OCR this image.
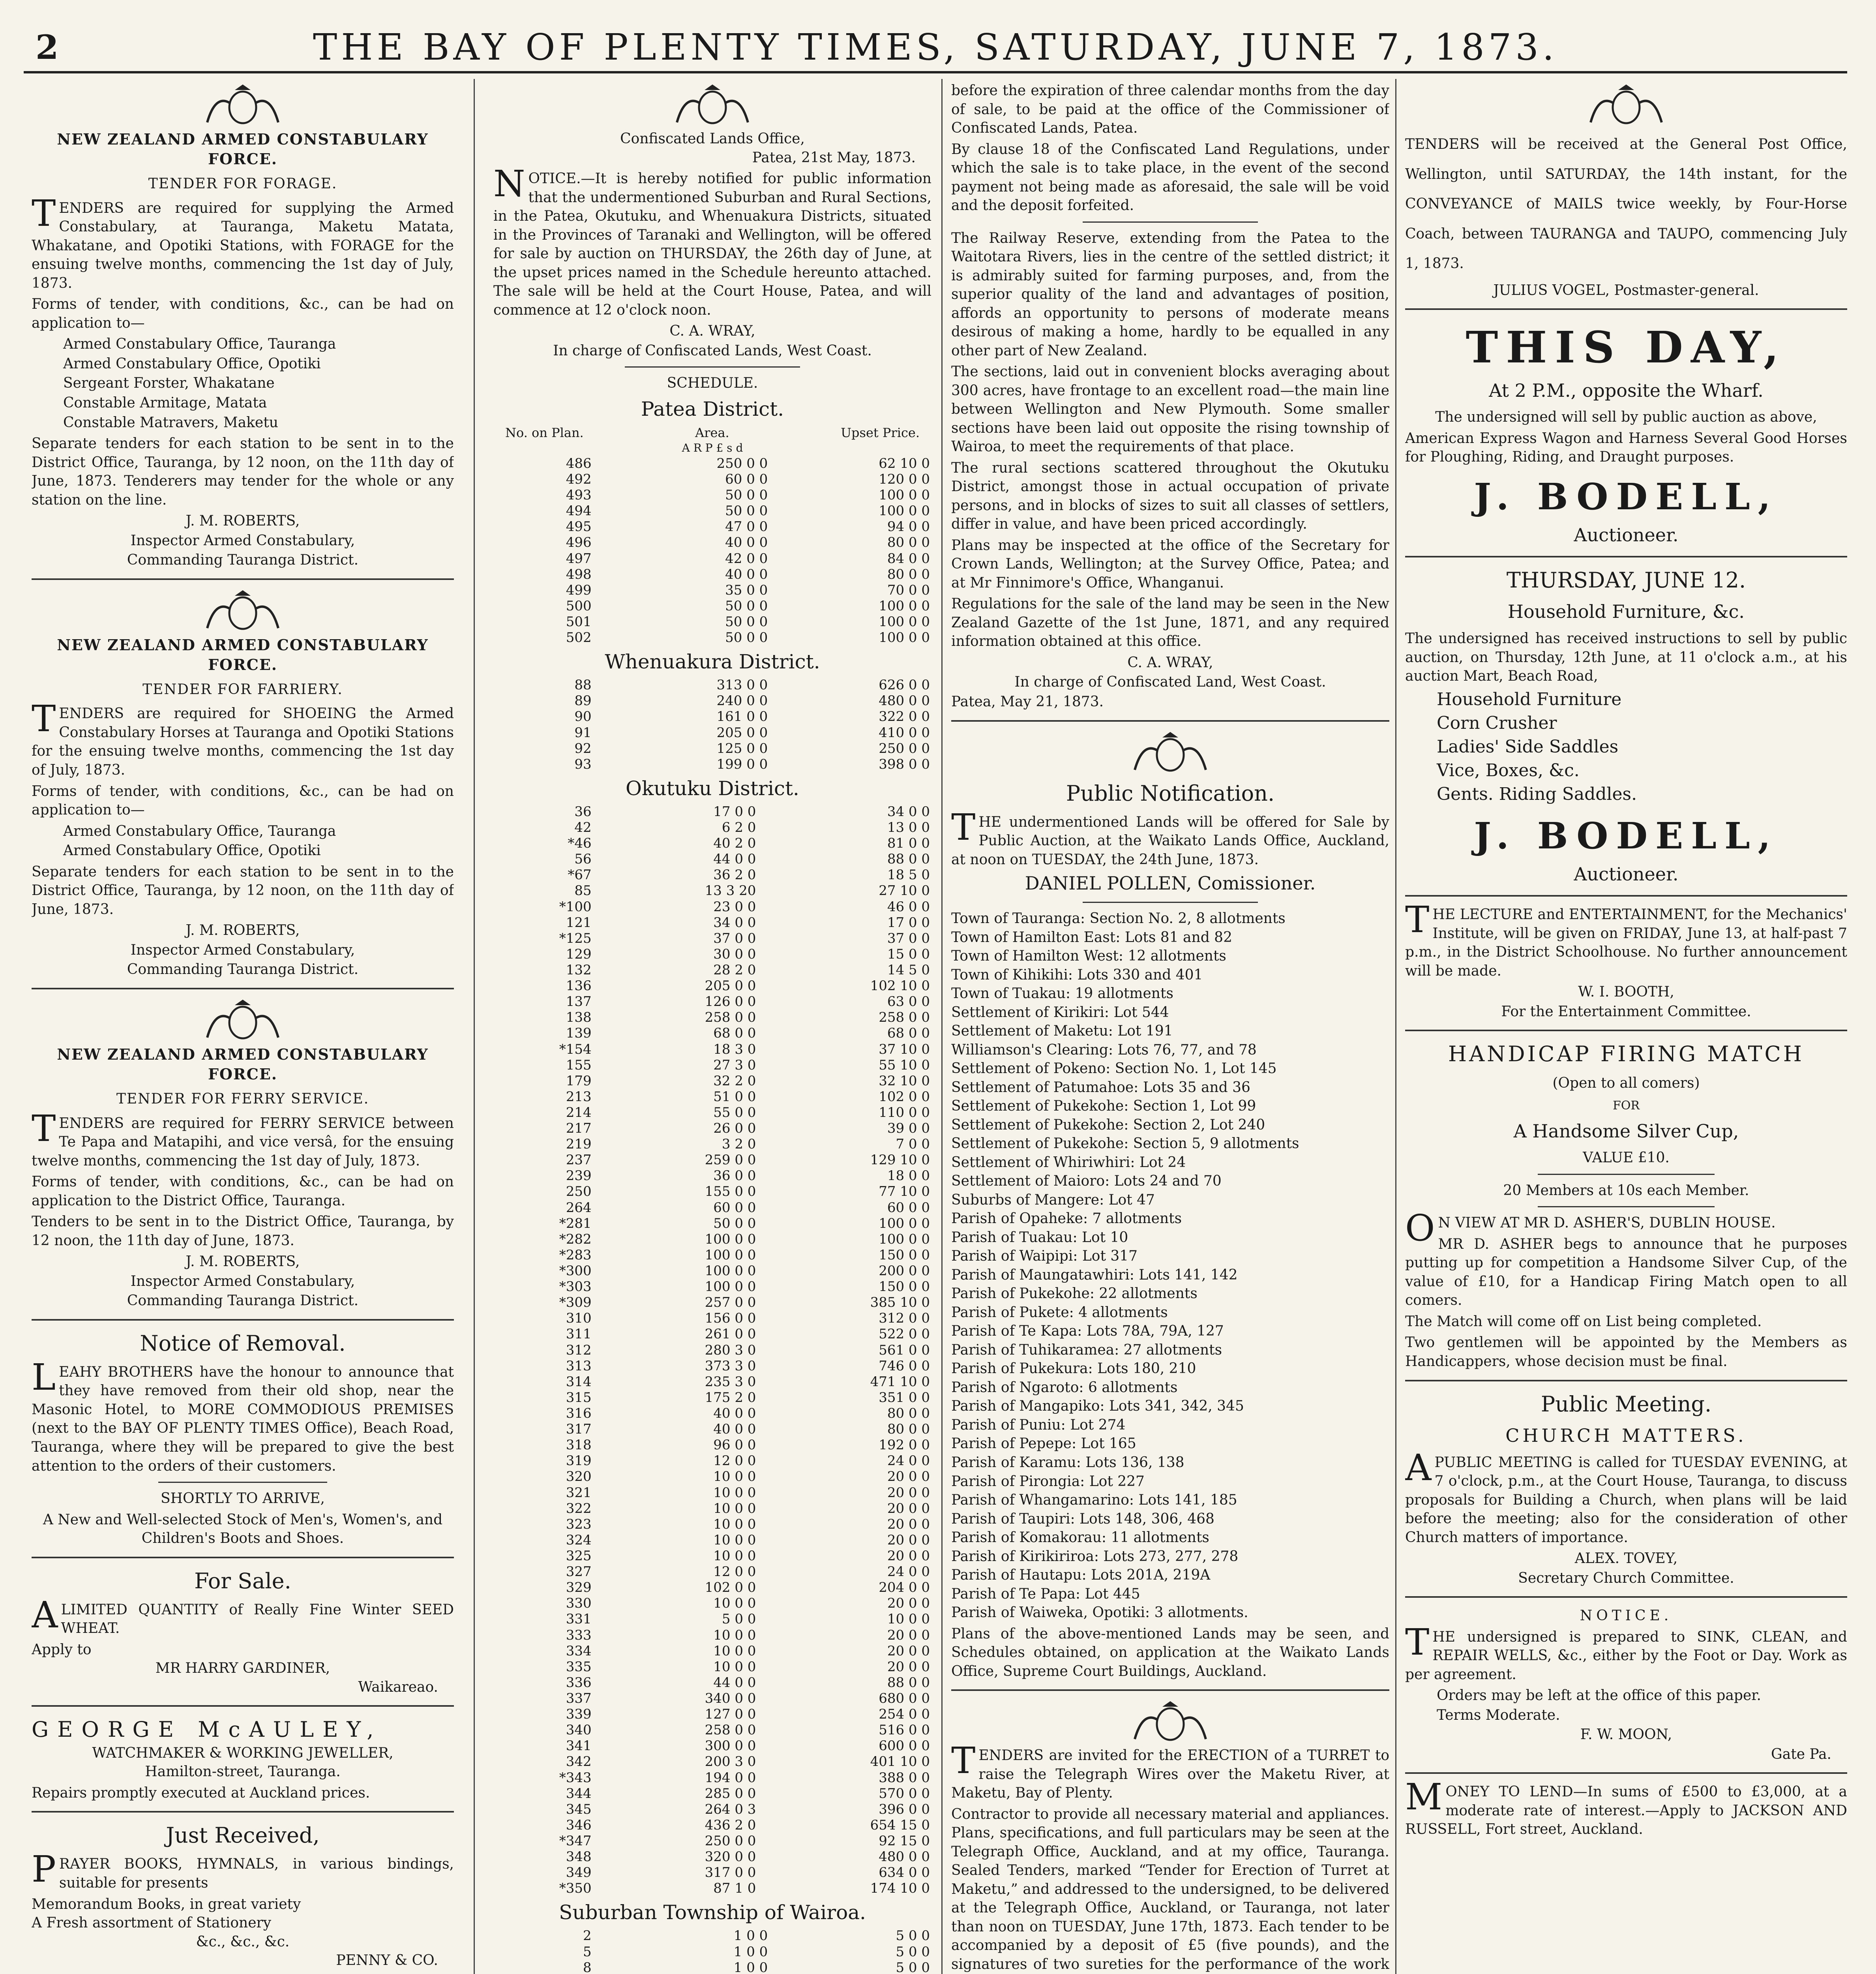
2	THE BAY OF PLENTY TIMES, SATURDAY, JUNE 7, 1873.
NEW ZEALAND ARMED CONSTABULARY FORCE.
TENDER FOR FORAGE.

TENDERS are required for supplying the Armed Constabulary, at Tauranga, Maketu Matata, Whakatane, and Opotiki Stations, with FORAGE for the ensuing twelve months, commencing the 1st day of July, 1873.

Forms of tender, with conditions, &c., can be had on application to—

Armed Constabulary Office, Tauranga
Armed Constabulary Office, Opotiki
Sergeant Forster, Whakatane
Constable Armitage, Matata
Constable Matravers, Maketu

Separate tenders for each station to be sent in to the District Office, Tauranga, by 12 noon, on the 11th day of June, 1873. Tenderers may tender for the whole or any station on the line.

J. M. ROBERTS,
Inspector Armed Constabulary,
Commanding Tauranga District.
NEW ZEALAND ARMED CONSTABULARY FORCE.
TENDER FOR FARRIERY.

TENDERS are required for SHOEING the Armed Constabulary Horses at Tauranga and Opotiki Stations for the ensuing twelve months, commencing the 1st day of July, 1873.

Forms of tender, with conditions, &c., can be had on application to—

Armed Constabulary Office, Tauranga
Armed Constabulary Office, Opotiki

Separate tenders for each station to be sent in to the District Office, Tauranga, by 12 noon, on the 11th day of June, 1873.

J. M. ROBERTS,
Inspector Armed Constabulary,
Commanding Tauranga District.
NEW ZEALAND ARMED CONSTABULARY FORCE.
TENDER FOR FERRY SERVICE.

TENDERS are required for FERRY SERVICE between Te Papa and Matapihi, and vice versâ, for the ensuing twelve months, commencing the 1st day of July, 1873.

Forms of tender, with conditions, &c., can be had on application to the District Office, Tauranga.

Tenders to be sent in to the District Office, Tauranga, by 12 noon, the 11th day of June, 1873.

J. M. ROBERTS,
Inspector Armed Constabulary,
Commanding Tauranga District.
Notice of Removal.

LEAHY BROTHERS have the honour to announce that they have removed from their old shop, near the Masonic Hotel, to MORE COMMODIOUS PREMISES (next to the BAY OF PLENTY TIMES Office), Beach Road, Tauranga, where they will be prepared to give the best attention to the orders of their customers.

SHORTLY TO ARRIVE,

A New and Well-selected Stock of Men's, Women's, and Children's Boots and Shoes.

For Sale.

ALIMITED QUANTITY of Really Fine Winter SEED WHEAT.

Apply to
MR HARRY GARDINER,
Waikareao.
GEORGE McAULEY,
WATCHMAKER & WORKING JEWELLER,
Hamilton-street, Tauranga.

Repairs promptly executed at Auckland prices.

Just Received,

PRAYER BOOKS, HYMNALS, in various bindings, suitable for presents

Memorandum Books, in great variety
A Fresh assortment of Stationery
&c., &c., &c.
PENNY & CO.
Confiscated Lands Office,
Patea, 21st May, 1873.

NOTICE.—It is hereby notified for public information that the undermentioned Suburban and Rural Sections, in the Patea, Okutuku, and Whenuakura Districts, situated in the Provinces of Taranaki and Wellington, will be offered for sale by auction on THURSDAY, the 26th day of June, at the upset prices named in the Schedule hereunto attached. The sale will be held at the Court House, Patea, and will commence at 12 o'clock noon.

C. A. WRAY,
In charge of Confiscated Lands, West Coast.
SCHEDULE.
Patea District.
No. on Plan.	Area.	Upset Price.
A R P £ s d
486	250 0 0	62 10 0
492	60 0 0	120 0 0
493	50 0 0	100 0 0
494	50 0 0	100 0 0
495	47 0 0	94 0 0
496	40 0 0	80 0 0
497	42 0 0	84 0 0
498	40 0 0	80 0 0
499	35 0 0	70 0 0
500	50 0 0	100 0 0
501	50 0 0	100 0 0
502	50 0 0	100 0 0
Whenuakura District.
88	313 0 0	626 0 0
89	240 0 0	480 0 0
90	161 0 0	322 0 0
91	205 0 0	410 0 0
92	125 0 0	250 0 0
93	199 0 0	398 0 0
Okutuku District.
36	17 0 0	34 0 0
42	6 2 0	13 0 0
*46	40 2 0	81 0 0
56	44 0 0	88 0 0
*67	36 2 0	18 5 0
85	13 3 20	27 10 0
*100	23 0 0	46 0 0
121	34 0 0	17 0 0
*125	37 0 0	37 0 0
129	30 0 0	15 0 0
132	28 2 0	14 5 0
136	205 0 0	102 10 0
137	126 0 0	63 0 0
138	258 0 0	258 0 0
139	68 0 0	68 0 0
*154	18 3 0	37 10 0
155	27 3 0	55 10 0
179	32 2 0	32 10 0
213	51 0 0	102 0 0
214	55 0 0	110 0 0
217	26 0 0	39 0 0
219	3 2 0	7 0 0
237	259 0 0	129 10 0
239	36 0 0	18 0 0
250	155 0 0	77 10 0
264	60 0 0	60 0 0
*281	50 0 0	100 0 0
*282	100 0 0	100 0 0
*283	100 0 0	150 0 0
*300	100 0 0	200 0 0
*303	100 0 0	150 0 0
*309	257 0 0	385 10 0
310	156 0 0	312 0 0
311	261 0 0	522 0 0
312	280 3 0	561 0 0
313	373 3 0	746 0 0
314	235 3 0	471 10 0
315	175 2 0	351 0 0
316	40 0 0	80 0 0
317	40 0 0	80 0 0
318	96 0 0	192 0 0
319	12 0 0	24 0 0
320	10 0 0	20 0 0
321	10 0 0	20 0 0
322	10 0 0	20 0 0
323	10 0 0	20 0 0
324	10 0 0	20 0 0
325	10 0 0	20 0 0
327	12 0 0	24 0 0
329	102 0 0	204 0 0
330	10 0 0	20 0 0
331	5 0 0	10 0 0
333	10 0 0	20 0 0
334	10 0 0	20 0 0
335	10 0 0	20 0 0
336	44 0 0	88 0 0
337	340 0 0	680 0 0
339	127 0 0	254 0 0
340	258 0 0	516 0 0
341	300 0 0	600 0 0
342	200 3 0	401 10 0
*343	194 0 0	388 0 0
344	285 0 0	570 0 0
345	264 0 3	396 0 0
346	436 2 0	654 15 0
*347	250 0 0	92 15 0
348	320 0 0	480 0 0
349	317 0 0	634 0 0
*350	87 1 0	174 10 0
Suburban Township of Wairoa.
2	1 0 0	5 0 0
5	1 0 0	5 0 0
8	1 0 0	5 0 0

before the expiration of three calendar months from the day of sale, to be paid at the office of the Commissioner of Confiscated Lands, Patea.

By clause 18 of the Confiscated Land Regulations, under which the sale is to take place, in the event of the second payment not being made as aforesaid, the sale will be void and the deposit forfeited.

The Railway Reserve, extending from the Patea to the Waitotara Rivers, lies in the centre of the settled district; it is admirably suited for farming purposes, and, from the superior quality of the land and advantages of position, affords an opportunity to persons of moderate means desirous of making a home, hardly to be equalled in any other part of New Zealand.

The sections, laid out in convenient blocks averaging about 300 acres, have frontage to an excellent road—the main line between Wellington and New Plymouth. Some smaller sections have been laid out opposite the rising township of Wairoa, to meet the requirements of that place.

The rural sections scattered throughout the Okutuku District, amongst those in actual occupation of private persons, and in blocks of sizes to suit all classes of settlers, differ in value, and have been priced accordingly.

Plans may be inspected at the office of the Secretary for Crown Lands, Wellington; at the Survey Office, Patea; and at Mr Finnimore's Office, Whanganui.

Regulations for the sale of the land may be seen in the New Zealand Gazette of the 1st June, 1871, and any required information obtained at this office.

C. A. WRAY,
In charge of Confiscated Land, West Coast.
Patea, May 21, 1873.
Public Notification.

THE undermentioned Lands will be offered for Sale by Public Auction, at the Waikato Lands Office, Auckland, at noon on TUESDAY, the 24th June, 1873.

DANIEL POLLEN, Comissioner.
Town of Tauranga: Section No. 2, 8 allotments
Town of Hamilton East: Lots 81 and 82
Town of Hamilton West: 12 allotments
Town of Kihikihi: Lots 330 and 401
Town of Tuakau: 19 allotments
Settlement of Kirikiri: Lot 544
Settlement of Maketu: Lot 191
Williamson's Clearing: Lots 76, 77, and 78
Settlement of Pokeno: Section No. 1, Lot 145
Settlement of Patumahoe: Lots 35 and 36
Settlement of Pukekohe: Section 1, Lot 99
Settlement of Pukekohe: Section 2, Lot 240
Settlement of Pukekohe: Section 5, 9 allotments
Settlement of Whiriwhiri: Lot 24
Settlement of Maioro: Lots 24 and 70
Suburbs of Mangere: Lot 47
Parish of Opaheke: 7 allotments
Parish of Tuakau: Lot 10
Parish of Waipipi: Lot 317
Parish of Maungatawhiri: Lots 141, 142
Parish of Pukekohe: 22 allotments
Parish of Pukete: 4 allotments
Parish of Te Kapa: Lots 78A, 79A, 127
Parish of Tuhikaramea: 27 allotments
Parish of Pukekura: Lots 180, 210
Parish of Ngaroto: 6 allotments
Parish of Mangapiko: Lots 341, 342, 345
Parish of Puniu: Lot 274
Parish of Pepepe: Lot 165
Parish of Karamu: Lots 136, 138
Parish of Pirongia: Lot 227
Parish of Whangamarino: Lots 141, 185
Parish of Taupiri: Lots 148, 306, 468
Parish of Komakorau: 11 allotments
Parish of Kirikiriroa: Lots 273, 277, 278
Parish of Hautapu: Lots 201A, 219A
Parish of Te Papa: Lot 445
Parish of Waiweka, Opotiki: 3 allotments.

Plans of the above-mentioned Lands may be seen, and Schedules obtained, on application at the Waikato Lands Office, Supreme Court Buildings, Auckland.

TENDERS are invited for the ERECTION of a TURRET to raise the Telegraph Wires over the Maketu River, at Maketu, Bay of Plenty.

Contractor to provide all necessary material and appliances. Plans, specifications, and full particulars may be seen at the Telegraph Office, Auckland, and at my office, Tauranga. Sealed Tenders, marked “Tender for Erection of Turret at Maketu,” and addressed to the undersigned, to be delivered at the Telegraph Office, Auckland, or Tauranga, not later than noon on TUESDAY, June 17th, 1873. Each tender to be accompanied by a deposit of £5 (five pounds), and the signatures of two sureties for the performance of the work

TENDERS will be received at the General Post Office, Wellington, until SATURDAY, the 14th instant, for the CONVEYANCE of MAILS twice weekly, by Four-Horse Coach, between TAURANGA and TAUPO, commencing July 1, 1873.

JULIUS VOGEL, Postmaster-general.
THIS DAY,
At 2 P.M., opposite the Wharf.

The undersigned will sell by public auction as above,

American Express Wagon and Harness Several Good Horses for Ploughing, Riding, and Draught purposes.

J. BODELL,
Auctioneer.
THURSDAY, JUNE 12.
Household Furniture, &c.

The undersigned has received instructions to sell by public auction, on Thursday, 12th June, at 11 o'clock a.m., at his auction Mart, Beach Road,

Household Furniture
Corn Crusher
Ladies' Side Saddles
Vice, Boxes, &c.
Gents. Riding Saddles.
J. BODELL,
Auctioneer.

THE LECTURE and ENTERTAINMENT, for the Mechanics' Institute, will be given on FRIDAY, June 13, at half-past 7 p.m., in the District Schoolhouse. No further announcement will be made.

W. I. BOOTH,
For the Entertainment Committee.
HANDICAP FIRING MATCH
(Open to all comers)
FOR
A Handsome Silver Cup,
VALUE £10.
20 Members at 10s each Member.

ON VIEW AT MR D. ASHER'S, DUBLIN HOUSE.

MR D. ASHER begs to announce that he purposes putting up for competition a Handsome Silver Cup, of the value of £10, for a Handicap Firing Match open to all comers.

The Match will come off on List being completed.

Two gentlemen will be appointed by the Members as Handicappers, whose decision must be final.

Public Meeting.
CHURCH MATTERS.

APUBLIC MEETING is called for TUESDAY EVENING, at 7 o'clock, p.m., at the Court House, Tauranga, to discuss proposals for Building a Church, when plans will be laid before the meeting; also for the consideration of other Church matters of importance.

ALEX. TOVEY,
Secretary Church Committee.
NOTICE.

THE undersigned is prepared to SINK, CLEAN, and REPAIR WELLS, &c., either by the Foot or Day. Work as per agreement.

Orders may be left at the office of this paper.
Terms Moderate.
F. W. MOON,
Gate Pa.

MONEY TO LEND—In sums of £500 to £3,000, at a moderate rate of interest.—Apply to JACKSON AND RUSSELL, Fort street, Auckland.
